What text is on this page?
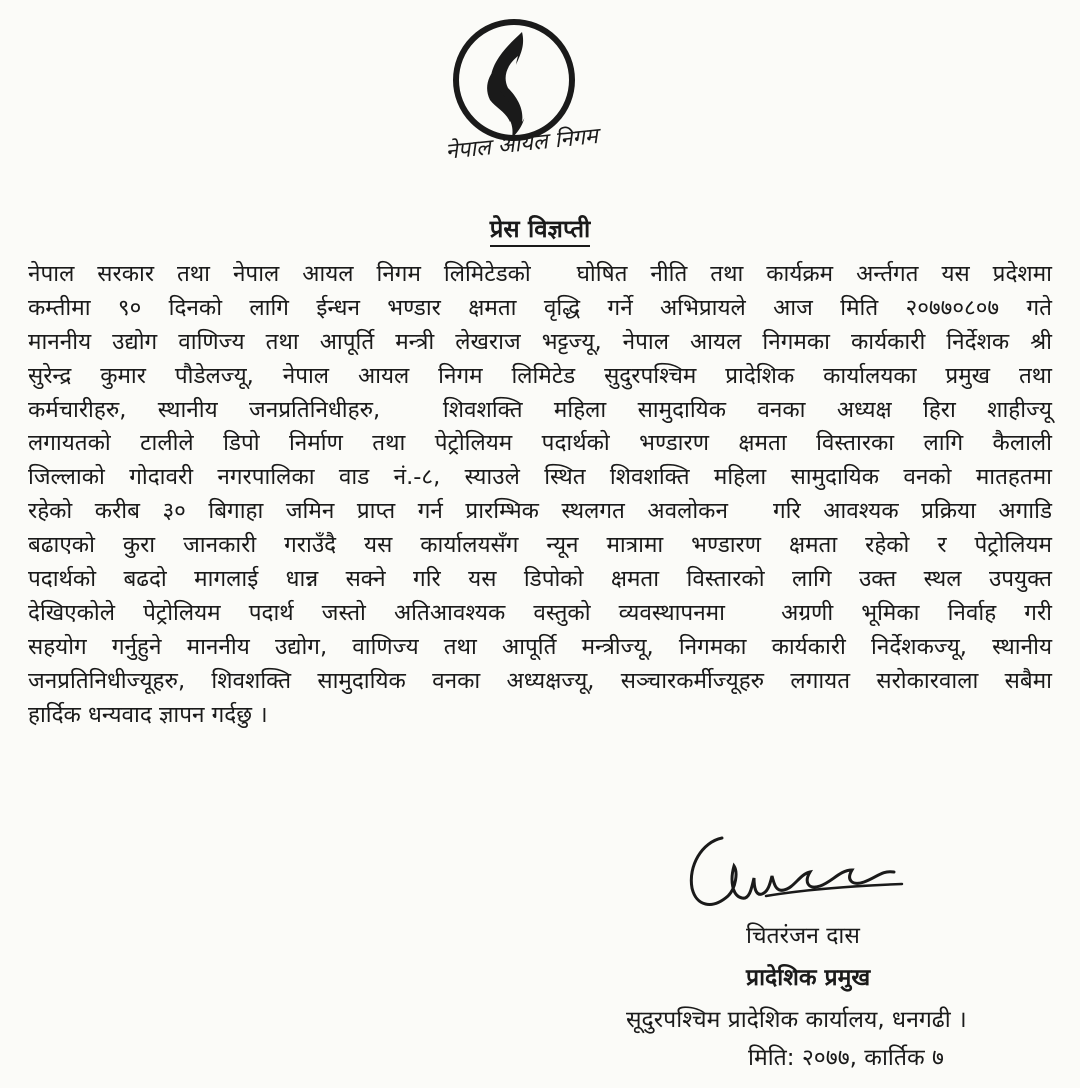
नेपाल आयल निगम
प्रेस विज्ञप्ती
नेपाल सरकार तथा नेपाल आयल निगम लिमिटेडको  घोषित नीति तथा कार्यक्रम अर्न्तगत यस प्रदेशमा
कम्तीमा ९० दिनको लागि ईन्धन भण्डार क्षमता वृद्धि गर्ने अभिप्रायले आज मिति २०७७०८०७ गते
माननीय उद्योग वाणिज्य तथा आपूर्ति मन्त्री लेखराज भट्टज्यू, नेपाल आयल निगमका कार्यकारी निर्देशक श्री
सुरेन्द्र कुमार पौडेलज्यू, नेपाल आयल निगम लिमिटेड सुदुरपश्चिम प्रादेशिक कार्यालयका प्रमुख तथा
कर्मचारीहरु, स्थानीय जनप्रतिनिधीहरु,  शिवशक्ति महिला सामुदायिक वनका अध्यक्ष हिरा शाहीज्यू
लगायतको टालीले डिपो निर्माण तथा पेट्रोलियम पदार्थको भण्डारण क्षमता विस्तारका लागि कैलाली
जिल्लाको गोदावरी नगरपालिका वाड नं.-८, स्याउले स्थित शिवशक्ति महिला सामुदायिक वनको मातहतमा
रहेको करीब ३० बिगाहा जमिन प्राप्त गर्न प्रारम्भिक स्थलगत अवलोकन  गरि आवश्यक प्रक्रिया अगाडि
बढाएको कुरा जानकारी गराउँदै यस कार्यालयसँग न्यून मात्रामा भण्डारण क्षमता रहेको र पेट्रोलियम
पदार्थको बढदो मागलाई धान्न सक्ने गरि यस डिपोको क्षमता विस्तारको लागि उक्त स्थल उपयुक्त
देखिएकोले पेट्रोलियम पदार्थ जस्तो अतिआवश्यक वस्तुको व्यवस्थापनमा  अग्रणी भूमिका निर्वाह गरी
सहयोग गर्नुहुने माननीय उद्योग, वाणिज्य तथा आपूर्ति मन्त्रीज्यू, निगमका कार्यकारी निर्देशकज्यू, स्थानीय
जनप्रतिनिधीज्यूहरु, शिवशक्ति सामुदायिक वनका अध्यक्षज्यू, सञ्चारकर्मीज्यूहरु लगायत सरोकारवाला सबैमा
हार्दिक धन्यवाद ज्ञापन गर्दछु ।
चितरंजन दास
प्रादेशिक प्रमुख
सूदुरपश्चिम प्रादेशिक कार्यालय, धनगढी ।
मिति: २०७७, कार्तिक ७
